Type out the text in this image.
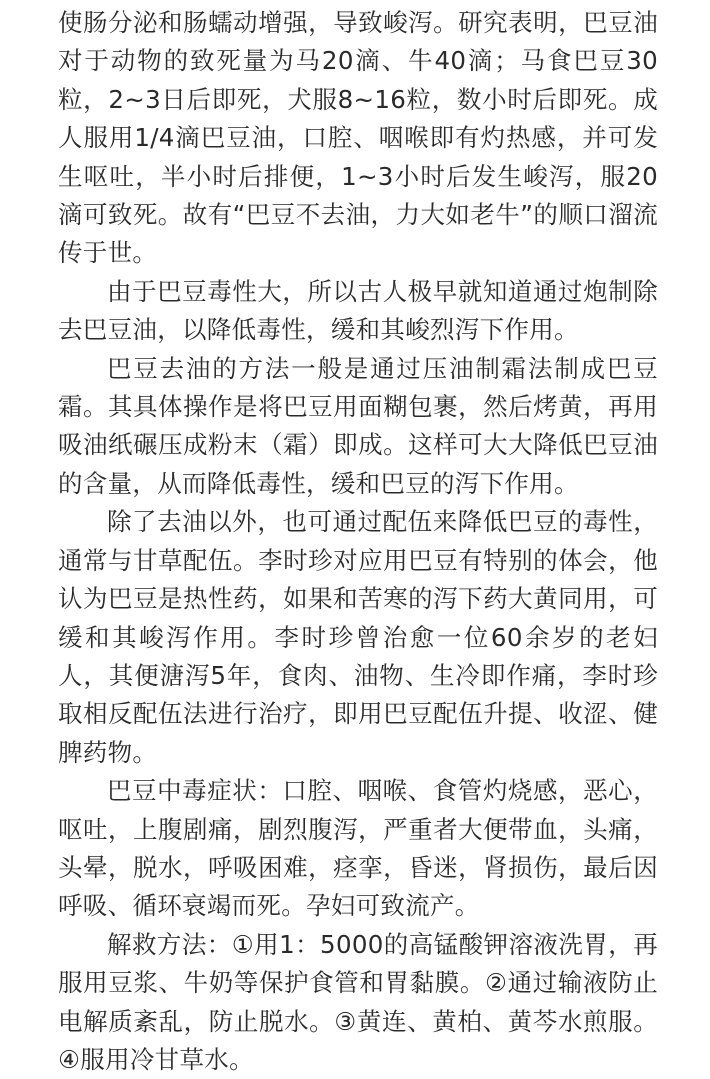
使肠分泌和肠蠕动增强，导致峻泻。研究表明，巴豆油对于动物的致死量为马20滴、牛40滴；马食巴豆30粒，2~3日后即死，犬服8~16粒，数小时后即死。成人服用1/4滴巴豆油，口腔、咽喉即有灼热感，并可发生呕吐，半小时后排便，1~3小时后发生峻泻，服20滴可致死。故有“巴豆不去油，力大如老牛”的顺口溜流传于世。

由于巴豆毒性大，所以古人极早就知道通过炮制除去巴豆油，以降低毒性，缓和其峻烈泻下作用。

巴豆去油的方法一般是通过压油制霜法制成巴豆霜。其具体操作是将巴豆用面糊包裹，然后烤黄，再用吸油纸碾压成粉末（霜）即成。这样可大大降低巴豆油的含量，从而降低毒性，缓和巴豆的泻下作用。

除了去油以外，也可通过配伍来降低巴豆的毒性，通常与甘草配伍。李时珍对应用巴豆有特别的体会，他认为巴豆是热性药，如果和苦寒的泻下药大黄同用，可缓和其峻泻作用。李时珍曾治愈一位60余岁的老妇人，其便溏泻5年，食肉、油物、生冷即作痛，李时珍取相反配伍法进行治疗，即用巴豆配伍升提、收涩、健脾药物。

巴豆中毒症状：口腔、咽喉、食管灼烧感，恶心，呕吐，上腹剧痛，剧烈腹泻，严重者大便带血，头痛，头晕，脱水，呼吸困难，痉挛，昏迷，肾损伤，最后因呼吸、循环衰竭而死。孕妇可致流产。

解救方法：①用1：5000的高锰酸钾溶液洗胃，再服用豆浆、牛奶等保护食管和胃黏膜。②通过输液防止电解质紊乱，防止脱水。③黄连、黄柏、黄芩水煎服。④服用冷甘草水。
